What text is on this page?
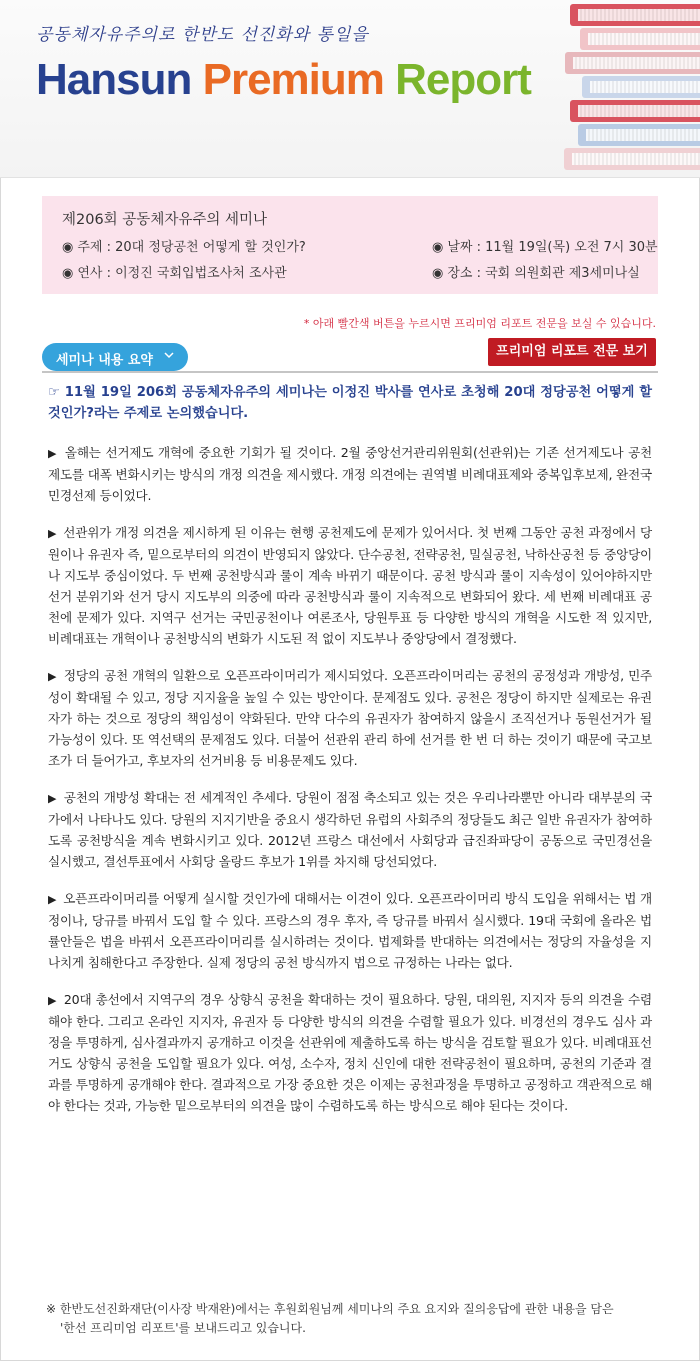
공동체자유주의로 한반도 선진화와 통일을
Hansun Premium Report
제206회 공동체자유주의 세미나
◉ 주제 : 20대 정당공천 어떻게 할 것인가?
◉ 연사 : 이정진 국회입법조사처 조사관
◉ 날짜 : 11월 19일(목) 오전 7시 30분
◉ 장소 : 국회 의원회관 제3세미나실
* 아래 빨간색 버튼을 누르시면 프리미엄 리포트 전문을 보실 수 있습니다.
세미나 내용 요약
프리미엄 리포트 전문 보기

☞ 11월 19일 206회 공동체자유주의 세미나는 이정진 박사를 연사로 초청해 20대 정당공천 어떻게 할 것인가?라는 주제로 논의했습니다.

▶ 올해는 선거제도 개혁에 중요한 기회가 될 것이다. 2월 중앙선거관리위원회(선관위)는 기존 선거제도나 공천제도를 대폭 변화시키는 방식의 개정 의견을 제시했다. 개정 의견에는 권역별 비례대표제와 중복입후보제, 완전국민경선제 등이었다.

▶ 선관위가 개정 의견을 제시하게 된 이유는 현행 공천제도에 문제가 있어서다. 첫 번째 그동안 공천 과정에서 당원이나 유권자 즉, 밑으로부터의 의견이 반영되지 않았다. 단수공천, 전략공천, 밀실공천, 낙하산공천 등 중앙당이나 지도부 중심이었다. 두 번째 공천방식과 룰이 계속 바뀌기 때문이다. 공천 방식과 룰이 지속성이 있어야하지만 선거 분위기와 선거 당시 지도부의 의중에 따라 공천방식과 룰이 지속적으로 변화되어 왔다. 세 번째 비례대표 공천에 문제가 있다. 지역구 선거는 국민공천이나 여론조사, 당원투표 등 다양한 방식의 개혁을 시도한 적 있지만, 비례대표는 개혁이나 공천방식의 변화가 시도된 적 없이 지도부나 중앙당에서 결정했다.

▶ 정당의 공천 개혁의 일환으로 오픈프라이머리가 제시되었다. 오픈프라이머리는 공천의 공정성과 개방성, 민주성이 확대될 수 있고, 정당 지지율을 높일 수 있는 방안이다. 문제점도 있다. 공천은 정당이 하지만 실제로는 유권자가 하는 것으로 정당의 책임성이 약화된다. 만약 다수의 유권자가 참여하지 않을시 조직선거나 동원선거가 될 가능성이 있다. 또 역선택의 문제점도 있다. 더불어 선관위 관리 하에 선거를 한 번 더 하는 것이기 때문에 국고보조가 더 들어가고, 후보자의 선거비용 등 비용문제도 있다.

▶ 공천의 개방성 확대는 전 세계적인 추세다. 당원이 점점 축소되고 있는 것은 우리나라뿐만 아니라 대부분의 국가에서 나타나도 있다. 당원의 지지기반을 중요시 생각하던 유럽의 사회주의 정당들도 최근 일반 유권자가 참여하도록 공천방식을 계속 변화시키고 있다. 2012년 프랑스 대선에서 사회당과 급진좌파당이 공동으로 국민경선을 실시했고, 결선투표에서 사회당 올랑드 후보가 1위를 차지해 당선되었다.

▶ 오픈프라이머리를 어떻게 실시할 것인가에 대해서는 이견이 있다. 오픈프라이머리 방식 도입을 위해서는 법 개정이나, 당규를 바꿔서 도입 할 수 있다. 프랑스의 경우 후자, 즉 당규를 바꿔서 실시했다. 19대 국회에 올라온 법률안들은 법을 바꿔서 오픈프라이머리를 실시하려는 것이다. 법제화를 반대하는 의견에서는 정당의 자율성을 지나치게 침해한다고 주장한다. 실제 정당의 공천 방식까지 법으로 규정하는 나라는 없다.

▶ 20대 총선에서 지역구의 경우 상향식 공천을 확대하는 것이 필요하다. 당원, 대의원, 지지자 등의 의견을 수렴해야 한다. 그리고 온라인 지지자, 유권자 등 다양한 방식의 의견을 수렴할 필요가 있다. 비경선의 경우도 심사 과정을 투명하게, 심사결과까지 공개하고 이것을 선관위에 제출하도록 하는 방식을 검토할 필요가 있다. 비례대표선거도 상향식 공천을 도입할 필요가 있다. 여성, 소수자, 정치 신인에 대한 전략공천이 필요하며, 공천의 기준과 결과를 투명하게 공개해야 한다. 결과적으로 가장 중요한 것은 이제는 공천과정을 투명하고 공정하고 객관적으로 해야 한다는 것과, 가능한 밑으로부터의 의견을 많이 수렴하도록 하는 방식으로 해야 된다는 것이다.

※ 한반도선진화재단(이사장 박재완)에서는 후원회원님께 세미나의 주요 요지와 질의응답에 관한 내용을 담은
'한선 프리미엄 리포트'를 보내드리고 있습니다.
